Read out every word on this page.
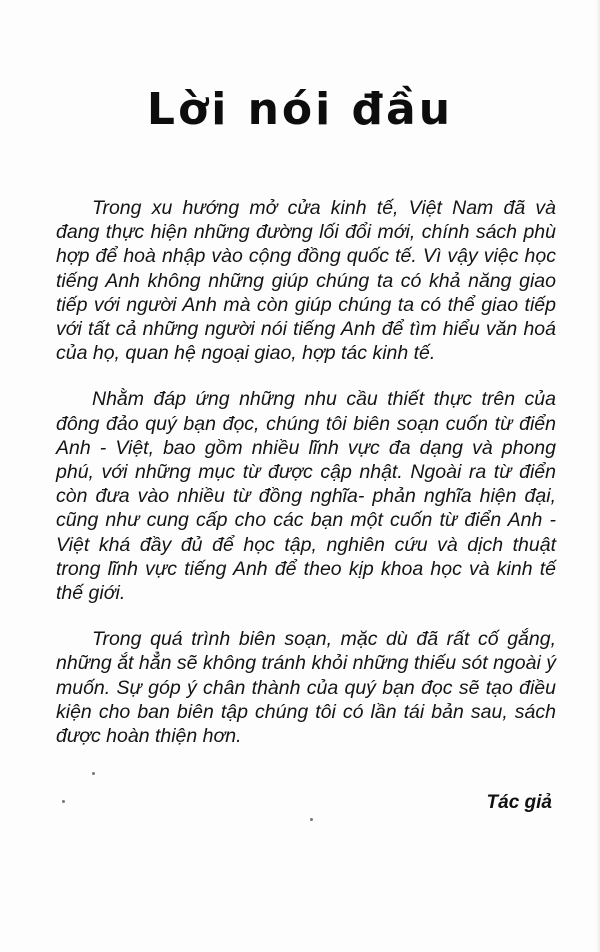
Lời nói đầu

Trong xu hướng mở cửa kinh tế, Việt Nam đã và đang thực hiện những đường lối đổi mới, chính sách phù hợp để hoà nhập vào cộng đồng quốc tế. Vì vậy việc học tiếng Anh không những giúp chúng ta có khả năng giao tiếp với người Anh mà còn giúp chúng ta có thể giao tiếp với tất cả những người nói tiếng Anh để tìm hiểu văn hoá của họ, quan hệ ngoại giao, hợp tác kinh tế.

Nhằm đáp ứng những nhu cầu thiết thực trên của đông đảo quý bạn đọc, chúng tôi biên soạn cuốn từ điển Anh - Việt, bao gồm nhiều lĩnh vực đa dạng và phong phú, với những mục từ được cập nhật. Ngoài ra từ điển còn đưa vào nhiều từ đồng nghĩa- phản nghĩa hiện đại, cũng như cung cấp cho các bạn một cuốn từ điển Anh - Việt khá đầy đủ để học tập, nghiên cứu và dịch thuật trong lĩnh vực tiếng Anh để theo kịp khoa học và kinh tế thế giới.

Trong quá trình biên soạn, mặc dù đã rất cố gắng, những ắt hẳn sẽ không tránh khỏi những thiếu sót ngoài ý muốn. Sự góp ý chân thành của quý bạn đọc sẽ tạo điều kiện cho ban biên tập chúng tôi có lần tái bản sau, sách được hoàn thiện hơn.

Tác giả
